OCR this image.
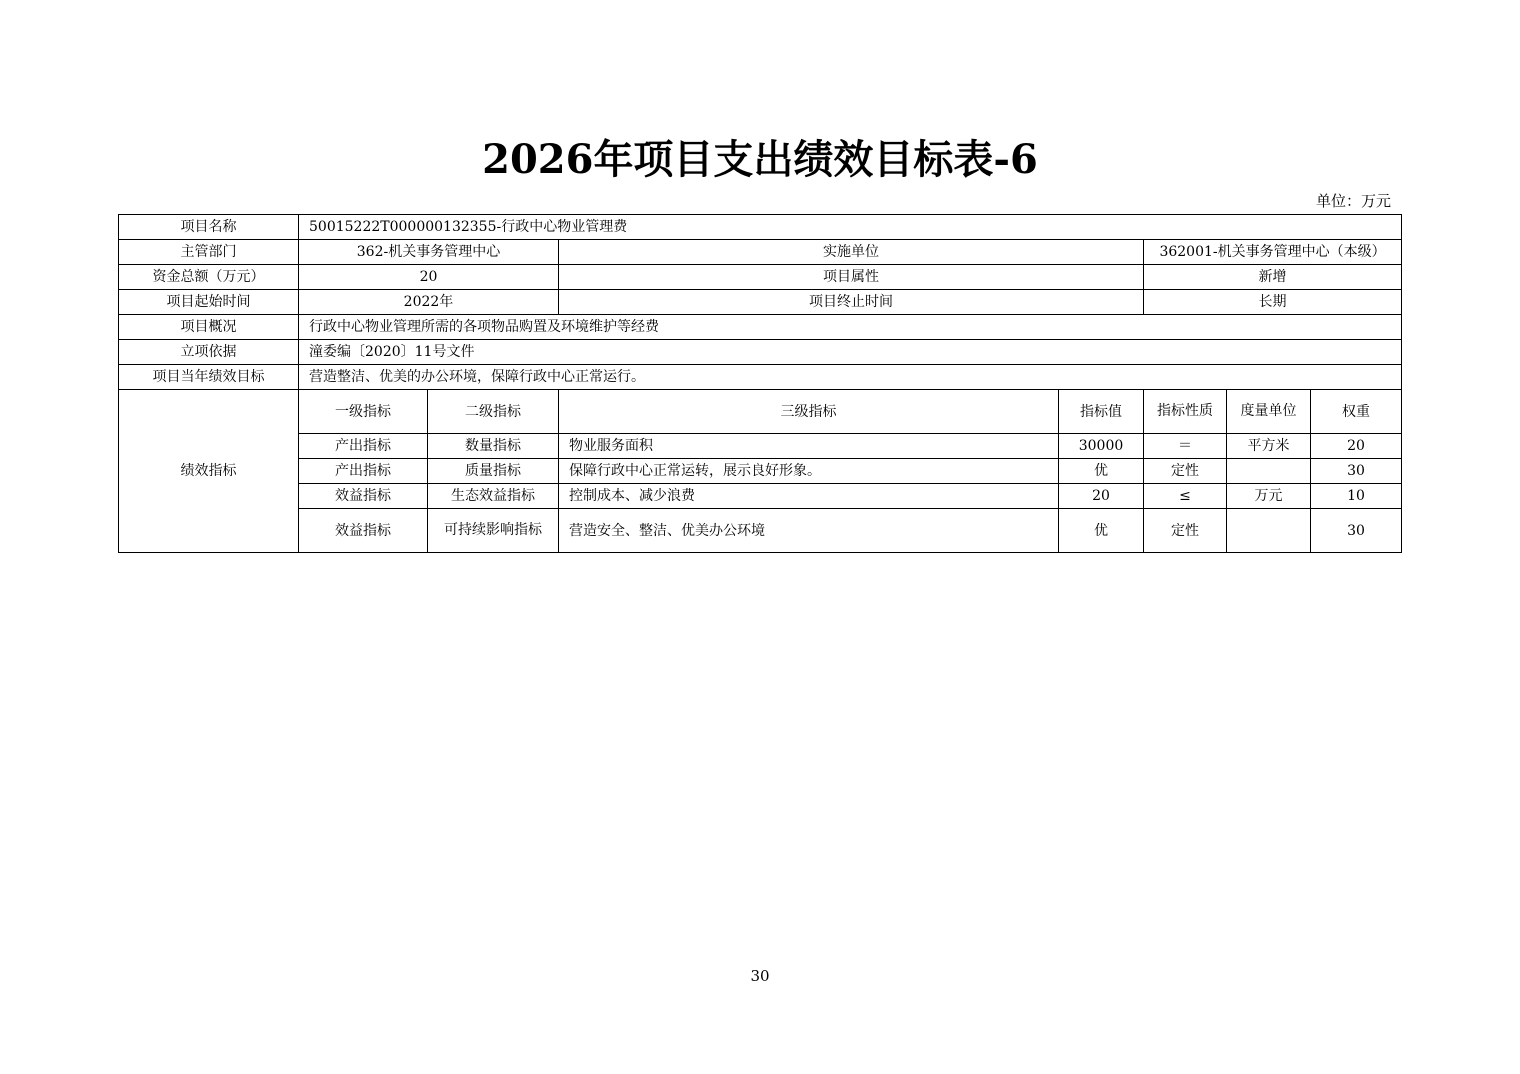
2026年项目支出绩效目标表-6
单位：万元
项目名称	50015222T000000132355-行政中心物业管理费						
主管部门	362-机关事务管理中心		实施单位		362001-机关事务管理中心（本级）		
资金总额（万元）	20		项目属性		新增		
项目起始时间	2022年		项目终止时间		长期		
项目概况	行政中心物业管理所需的各项物品购置及环境维护等经费						
立项依据	潼委编〔2020〕11号文件						
项目当年绩效目标	营造整洁、优美的办公环境，保障行政中心正常运行。						
绩效指标	一级指标	二级指标	三级指标	指标值	指标性质	度量单位	权重
	产出指标	数量指标	物业服务面积	30000	＝	平方米	20
	产出指标	质量指标	保障行政中心正常运转，展示良好形象。	优	定性		30
	效益指标	生态效益指标	控制成本、减少浪费	20	≤	万元	10
	效益指标	可持续影响指标	营造安全、整洁、优美办公环境	优	定性		30
30
